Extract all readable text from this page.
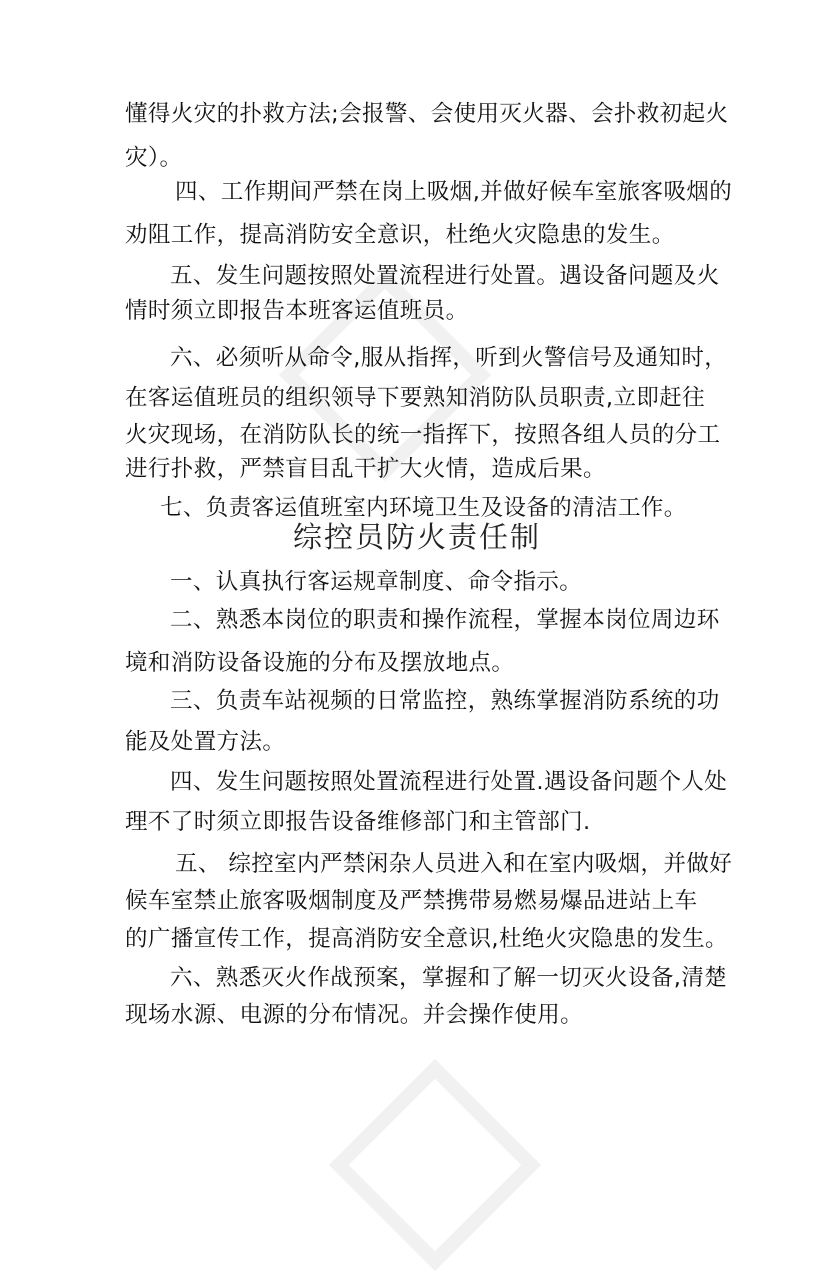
懂得火灾的扑救方法;会报警、会使用灭火器、会扑救初起火
灾）。
四、工作期间严禁在岗上吸烟,并做好候车室旅客吸烟的
劝阻工作，提高消防安全意识，杜绝火灾隐患的发生。
五、发生问题按照处置流程进行处置。遇设备问题及火
情时须立即报告本班客运值班员。
六、必须听从命令,服从指挥，听到火警信号及通知时，
在客运值班员的组织领导下要熟知消防队员职责,立即赶往
火灾现场，在消防队长的统一指挥下，按照各组人员的分工
进行扑救，严禁盲目乱干扩大火情，造成后果。
七、负责客运值班室内环境卫生及设备的清洁工作。
综控员防火责任制
一、认真执行客运规章制度、命令指示。
二、熟悉本岗位的职责和操作流程，掌握本岗位周边环
境和消防设备设施的分布及摆放地点。
三、负责车站视频的日常监控，熟练掌握消防系统的功
能及处置方法。
四、发生问题按照处置流程进行处置.遇设备问题个人处
理不了时须立即报告设备维修部门和主管部门.
五、 综控室内严禁闲杂人员进入和在室内吸烟，并做好
候车室禁止旅客吸烟制度及严禁携带易燃易爆品进站上车
的广播宣传工作，提高消防安全意识,杜绝火灾隐患的发生。
六、熟悉灭火作战预案，掌握和了解一切灭火设备,清楚
现场水源、电源的分布情况。并会操作使用。
